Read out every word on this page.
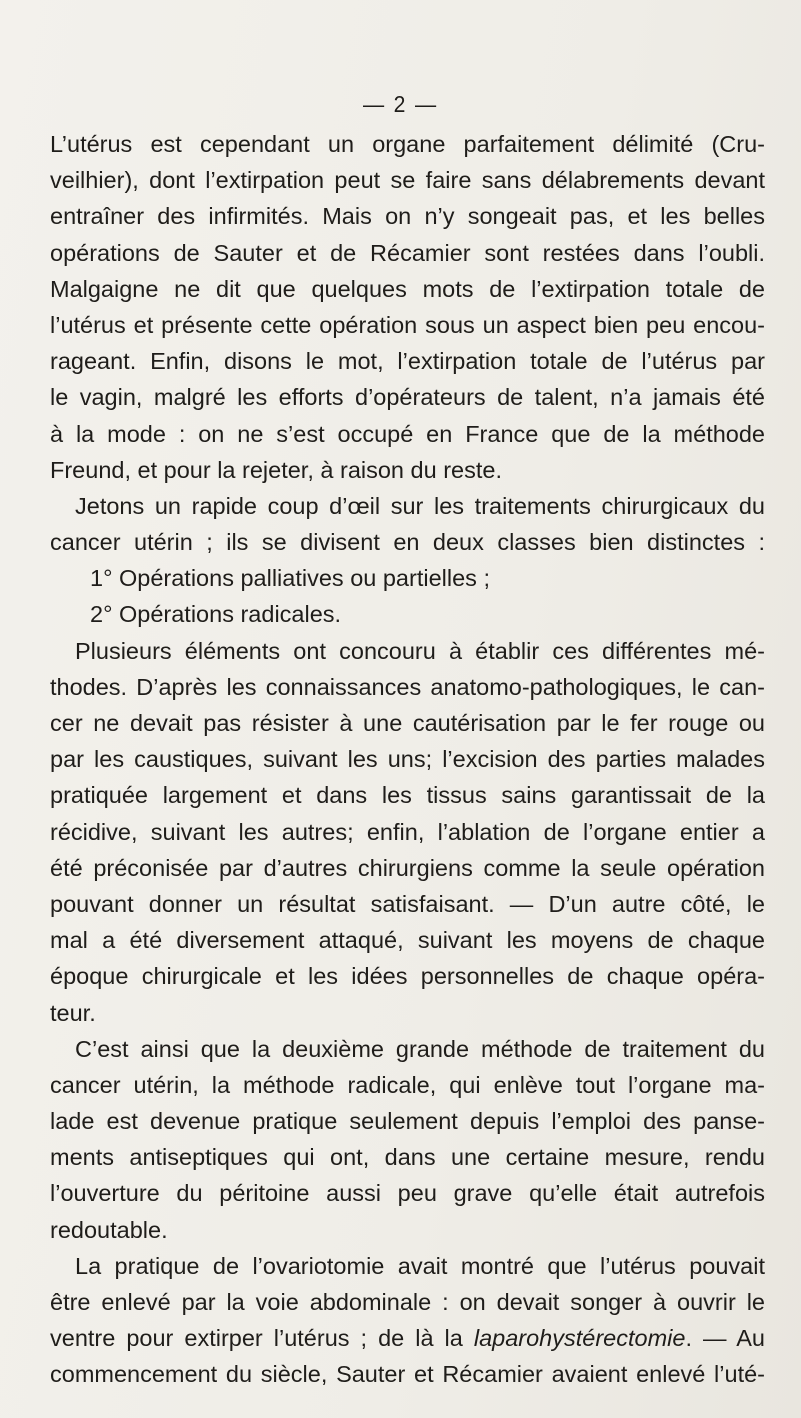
— 2 —
L’utérus est cependant un organe parfaitement délimité (Cru-
veilhier), dont l’extirpation peut se faire sans délabrements devant
entraîner des infirmités. Mais on n’y songeait pas, et les belles
opérations de Sauter et de Récamier sont restées dans l’oubli.
Malgaigne ne dit que quelques mots de l’extirpation totale de
l’utérus et présente cette opération sous un aspect bien peu encou-
rageant. Enfin, disons le mot, l’extirpation totale de l’utérus par
le vagin, malgré les efforts d’opérateurs de talent, n’a jamais été
à la mode : on ne s’est occupé en France que de la méthode
Freund, et pour la rejeter, à raison du reste.
Jetons un rapide coup d’œil sur les traitements chirurgicaux du
cancer utérin ; ils se divisent en deux classes bien distinctes :
1° Opérations palliatives ou partielles ;
2° Opérations radicales.
Plusieurs éléments ont concouru à établir ces différentes mé-
thodes. D’après les connaissances anatomo-pathologiques, le can-
cer ne devait pas résister à une cautérisation par le fer rouge ou
par les caustiques, suivant les uns; l’excision des parties malades
pratiquée largement et dans les tissus sains garantissait de la
récidive, suivant les autres; enfin, l’ablation de l’organe entier a
été préconisée par d’autres chirurgiens comme la seule opération
pouvant donner un résultat satisfaisant. — D’un autre côté, le
mal a été diversement attaqué, suivant les moyens de chaque
époque chirurgicale et les idées personnelles de chaque opéra-
teur.
C’est ainsi que la deuxième grande méthode de traitement du
cancer utérin, la méthode radicale, qui enlève tout l’organe ma-
lade est devenue pratique seulement depuis l’emploi des panse-
ments antiseptiques qui ont, dans une certaine mesure, rendu
l’ouverture du péritoine aussi peu grave qu’elle était autrefois
redoutable.
La pratique de l’ovariotomie avait montré que l’utérus pouvait
être enlevé par la voie abdominale : on devait songer à ouvrir le
ventre pour extirper l’utérus ; de là la laparohystérectomie. — Au
commencement du siècle, Sauter et Récamier avaient enlevé l’uté-
